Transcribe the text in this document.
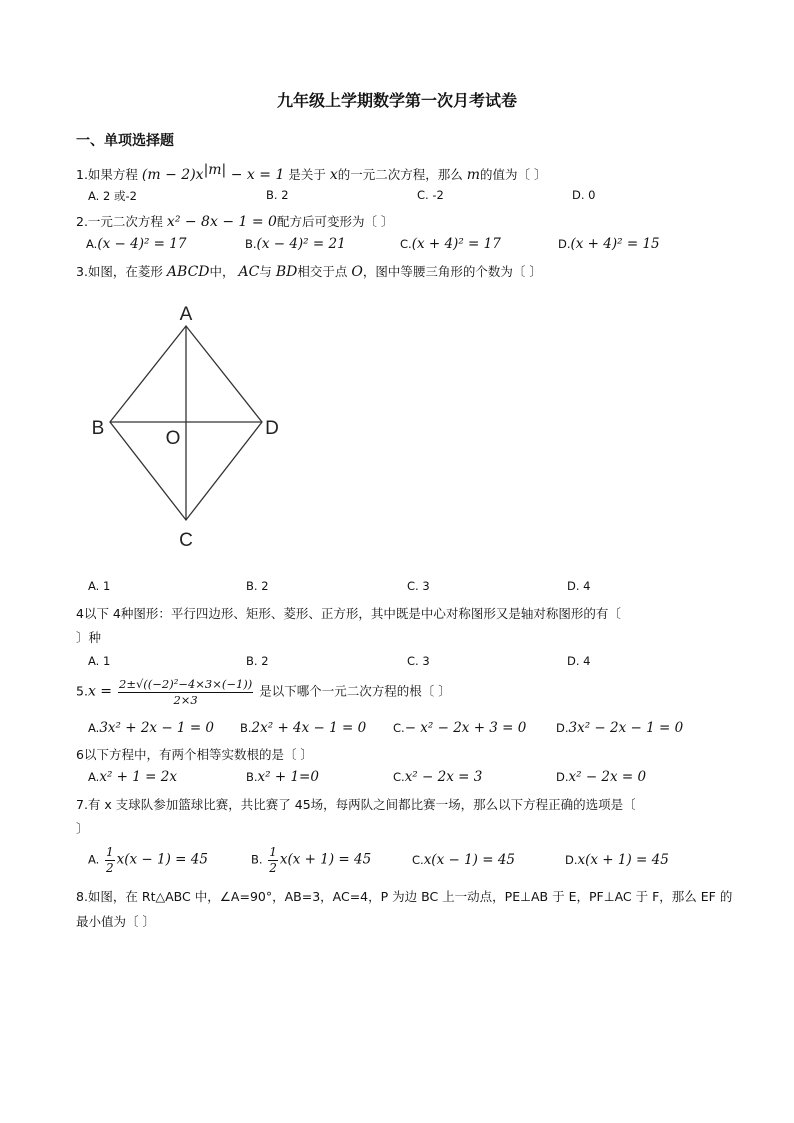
九年级上学期数学第一次月考试卷
一、单项选择题
1.如果方程 $(m - 2)x^{|m|} - x = 1$ 是关于 x的一元二次方程，那么 m的值为〔 〕
A. 2 或-2	B. 2	C. -2	D. 0
2.一元二次方程 x² − 8x − 1 = 0配方后可变形为〔 〕
A.(x − 4)² = 17	B.(x − 4)² = 21	C.(x + 4)² = 17	D.(x + 4)² = 15
3.如图，在菱形 ABCD中， AC与 BD相交于点 O，图中等腰三角形的个数为〔 〕
A
B	D
O
C
A. 1	B. 2	C. 3	D. 4
4以下 4种图形：平行四边形、矩形、菱形、正方形，其中既是中心对称图形又是轴对称图形的有〔
〕种
A. 1	B. 2	C. 3	D. 4
$5.x = \frac{\text{2±√((−2)²−4×3×(−1))}}{2\times 3}$ 是以下哪个一元二次方程的根〔 〕
A.3x² + 2x − 1 = 0 B.2x² + 4x − 1 = 0 C.− x² − 2x + 3 = 0	D.3x² − 2x − 1 = 0
6以下方程中，有两个相等实数根的是〔 〕
A.x² + 1 = 2x	B.x² + 1=0	C.x² − 2x = 3	D.x² − 2x = 0
7.有 x 支球队参加篮球比赛，共比赛了 45场，每两队之间都比赛一场，那么以下方程正确的选项是〔
〕
A. $\frac{1}{2} x(x - 1) = 45$	B. $\frac{1}{2} x(x + 1) = 45$	C.x(x − 1) = 45	D.x(x + 1) = 45
8.如图，在 Rt△ABC 中，∠A=90°，AB=3，AC=4，P 为边 BC 上一动点，PE⊥AB 于 E，PF⊥AC 于 F，那么 EF 的
最小值为〔 〕
